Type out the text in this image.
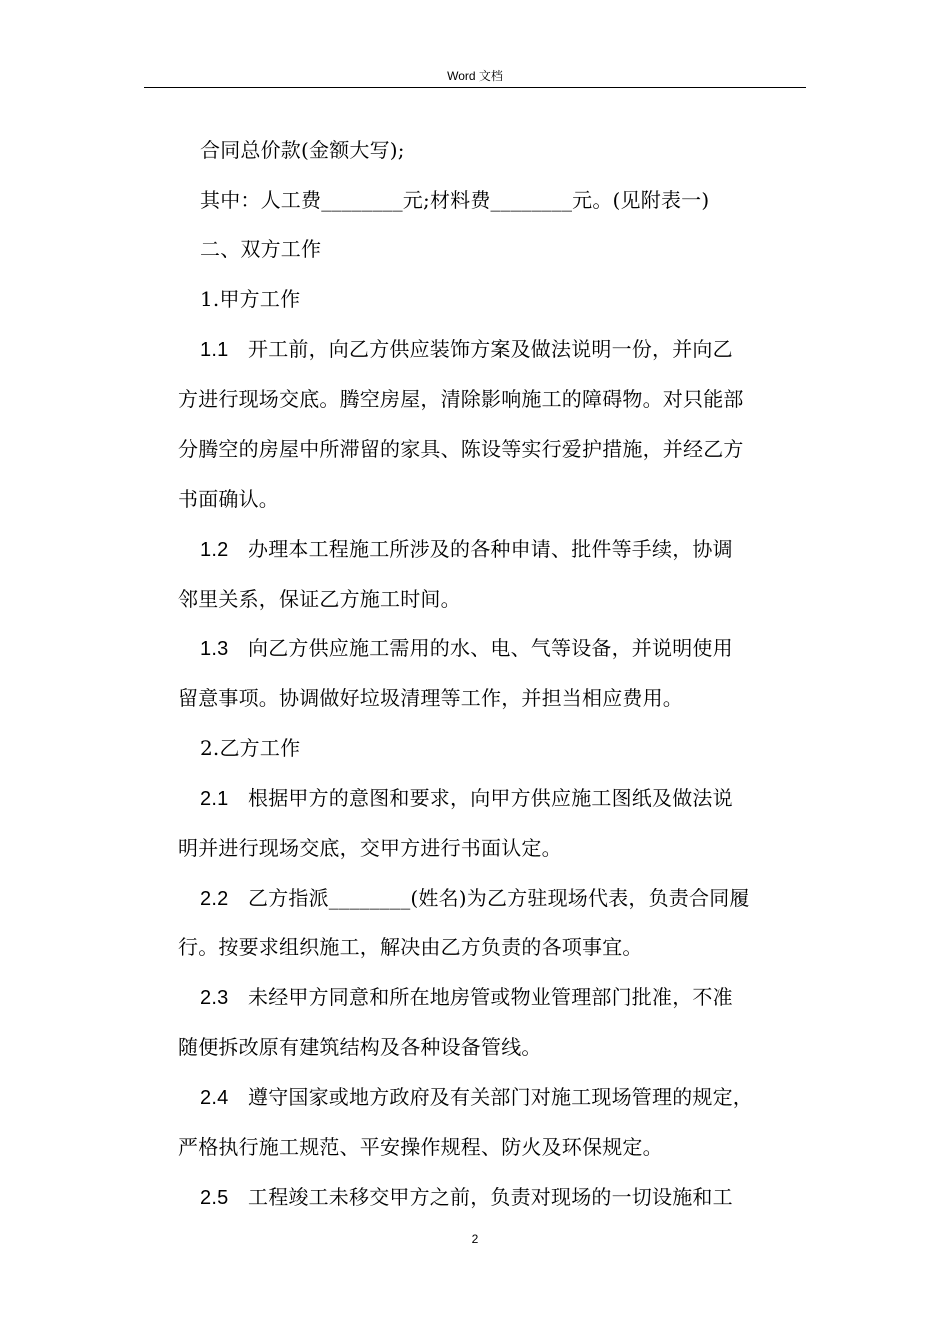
Word 文档
合同总价款(金额大写);
其中：人工费________元;材料费________元。(见附表一)
二、双方工作
1.甲方工作
1.1 开工前，向乙方供应装饰方案及做法说明一份，并向乙
方进行现场交底。腾空房屋，清除影响施工的障碍物。对只能部
分腾空的房屋中所滞留的家具、陈设等实行爱护措施，并经乙方
书面确认。
1.2 办理本工程施工所涉及的各种申请、批件等手续，协调
邻里关系，保证乙方施工时间。
1.3 向乙方供应施工需用的水、电、气等设备，并说明使用
留意事项。协调做好垃圾清理等工作，并担当相应费用。
2.乙方工作
2.1 根据甲方的意图和要求，向甲方供应施工图纸及做法说
明并进行现场交底，交甲方进行书面认定。
2.2 乙方指派________(姓名)为乙方驻现场代表，负责合同履
行。按要求组织施工，解决由乙方负责的各项事宜。
2.3 未经甲方同意和所在地房管或物业管理部门批准，不准
随便拆改原有建筑结构及各种设备管线。
2.4 遵守国家或地方政府及有关部门对施工现场管理的规定，
严格执行施工规范、平安操作规程、防火及环保规定。
2.5 工程竣工未移交甲方之前，负责对现场的一切设施和工
2
